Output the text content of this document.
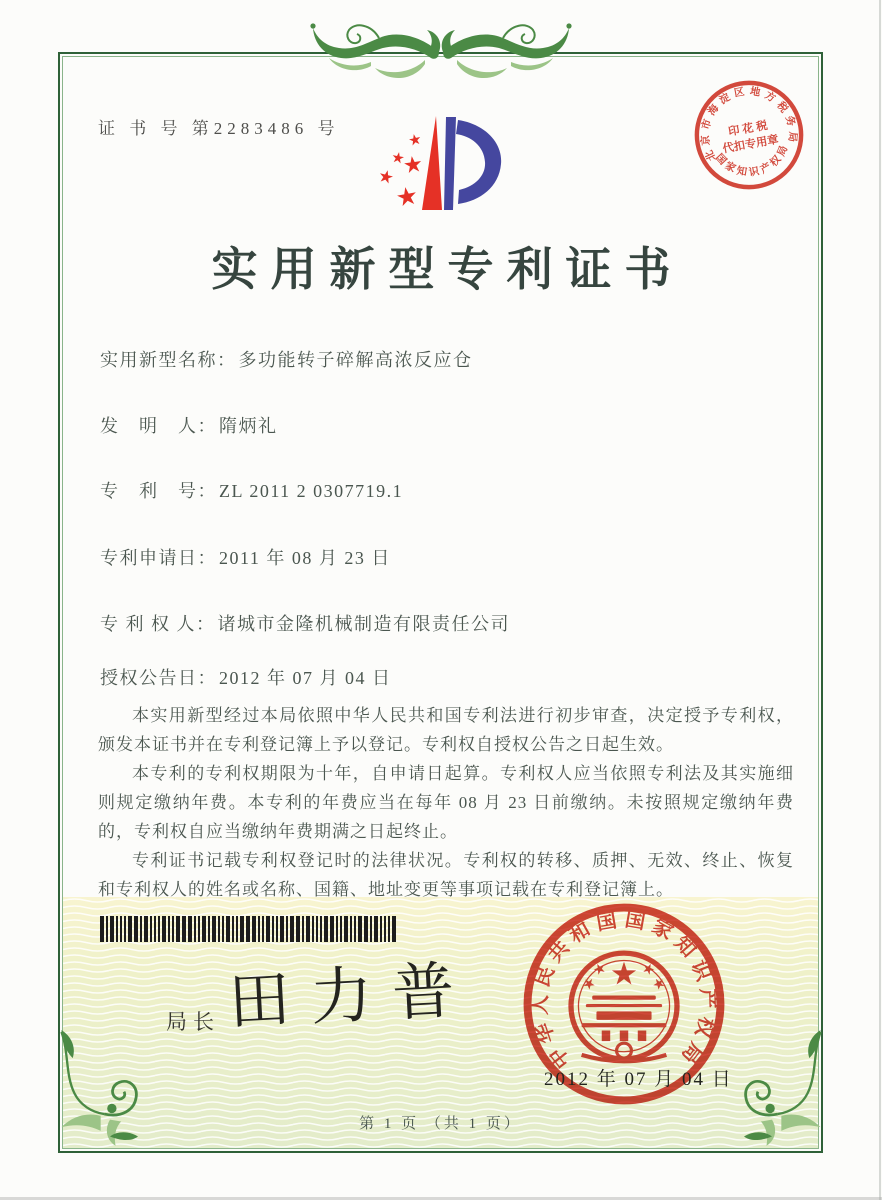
北京市海淀区地方税务局
国家知识产权局
印 花 税
代扣专用章
证 书 号 第2283486 号
实用新型专利证书
实用新型名称： 多功能转子碎解高浓反应仓
发　明　人： 隋炳礼
专　利　号： ZL 2011 2 0307719.1
专利申请日： 2011 年 08 月 23 日
专 利 权 人： 诸城市金隆机械制造有限责任公司
授权公告日： 2012 年 07 月 04 日

本实用新型经过本局依照中华人民共和国专利法进行初步审查，决定授予专利权，颁发本证书并在专利登记簿上予以登记。专利权自授权公告之日起生效。

本专利的专利权期限为十年，自申请日起算。专利权人应当依照专利法及其实施细则规定缴纳年费。本专利的年费应当在每年 08 月 23 日前缴纳。未按照规定缴纳年费的，专利权自应当缴纳年费期满之日起终止。

专利证书记载专利权登记时的法律状况。专利权的转移、质押、无效、终止、恢复和专利权人的姓名或名称、国籍、地址变更等事项记载在专利登记簿上。

局长 田力普
中华人民共和国国家知识产权局
2012 年 07 月 04 日
第 1 页 （共 1 页）
